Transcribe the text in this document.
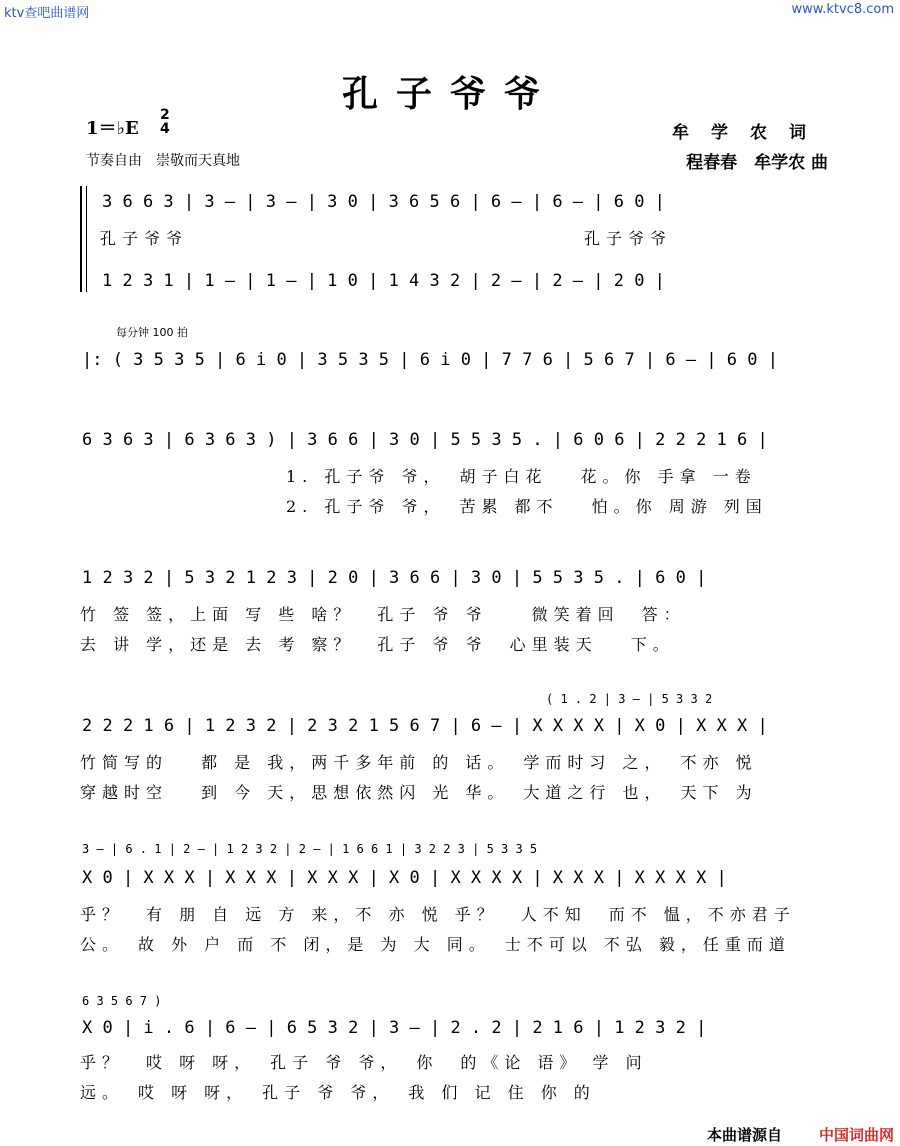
ktv查吧曲谱网	www.ktvc8.com
孔子爷爷
1＝♭E
2
4
节奏自由　崇敬而天真地
牟学农词
程春春　牟学农 曲
3 6 6 3 | 3 – | 3 – | 3 0 | 3 6 5 6 | 6 – | 6 – | 6 0 |
孔子爷爷　　　　　　　　　　　　　　　　　　孔子爷爷
1 2 3 1 | 1 – | 1 – | 1 0 | 1 4 3 2 | 2 – | 2 – | 2 0 |
每分钟 100 拍
|: ( 3 5 3 5 | 6 i 0 | 3 5 3 5 | 6 i 0 | 7 7 6 | 5 6 7 | 6 – | 6 0 |
6 3 6 3 | 6 3 6 3 ) | 3 6 6 | 3 0 | 5 5 3 5 . | 6 0 6 | 2 2 2 1 6 |
1. 孔子爷 爷，　胡子白花　 花。你 手拿 一卷
2. 孔子爷 爷，　苦累 都不　 怕。你 周游 列国
1 2 3 2 | 5 3 2 1 2 3 | 2 0 | 3 6 6 | 3 0 | 5 5 3 5 . | 6 0 |
竹 签 签，上面 写 些 啥？　孔子 爷 爷　　微笑着回　答：
去 讲 学，还是 去 考 察？　孔子 爷 爷　心里装天　 下。
( 1 . 2 | 3 – | 5 3 3 2
2 2 2 1 6 | 1 2 3 2 | 2 3 2 1 5 6 7 | 6 – | X X X X | X 0 | X X X |
竹简写的　 都 是 我，两千多年前 的 话。　学而时习 之，　不亦 悦
穿越时空　 到 今 天，思想依然闪 光 华。　大道之行 也，　天下 为
3 – | 6 . 1 | 2 – | 1 2 3 2 | 2 – | 1 6 6 1 | 3 2 2 3 | 5 3 3 5
X 0 | X X X | X X X | X X X | X 0 | X X X X | X X X | X X X X |
乎？　有 朋 自 远 方 来，不 亦 悦 乎？　人不知　而不 愠，不亦君子
公。　故 外 户 而 不 闭，是 为 大 同。　士不可以 不弘 毅，任重而道
6 3 5 6 7 )
X 0 | i . 6 | 6 – | 6 5 3 2 | 3 – | 2 . 2 | 2 1 6 | 1 2 3 2 |
乎？　哎 呀 呀，　孔子 爷 爷，　你　的《论 语》 学 问
远。　哎 呀 呀，　孔子 爷 爷，　我 们 记 住 你 的
本曲谱源自 中国词曲网
